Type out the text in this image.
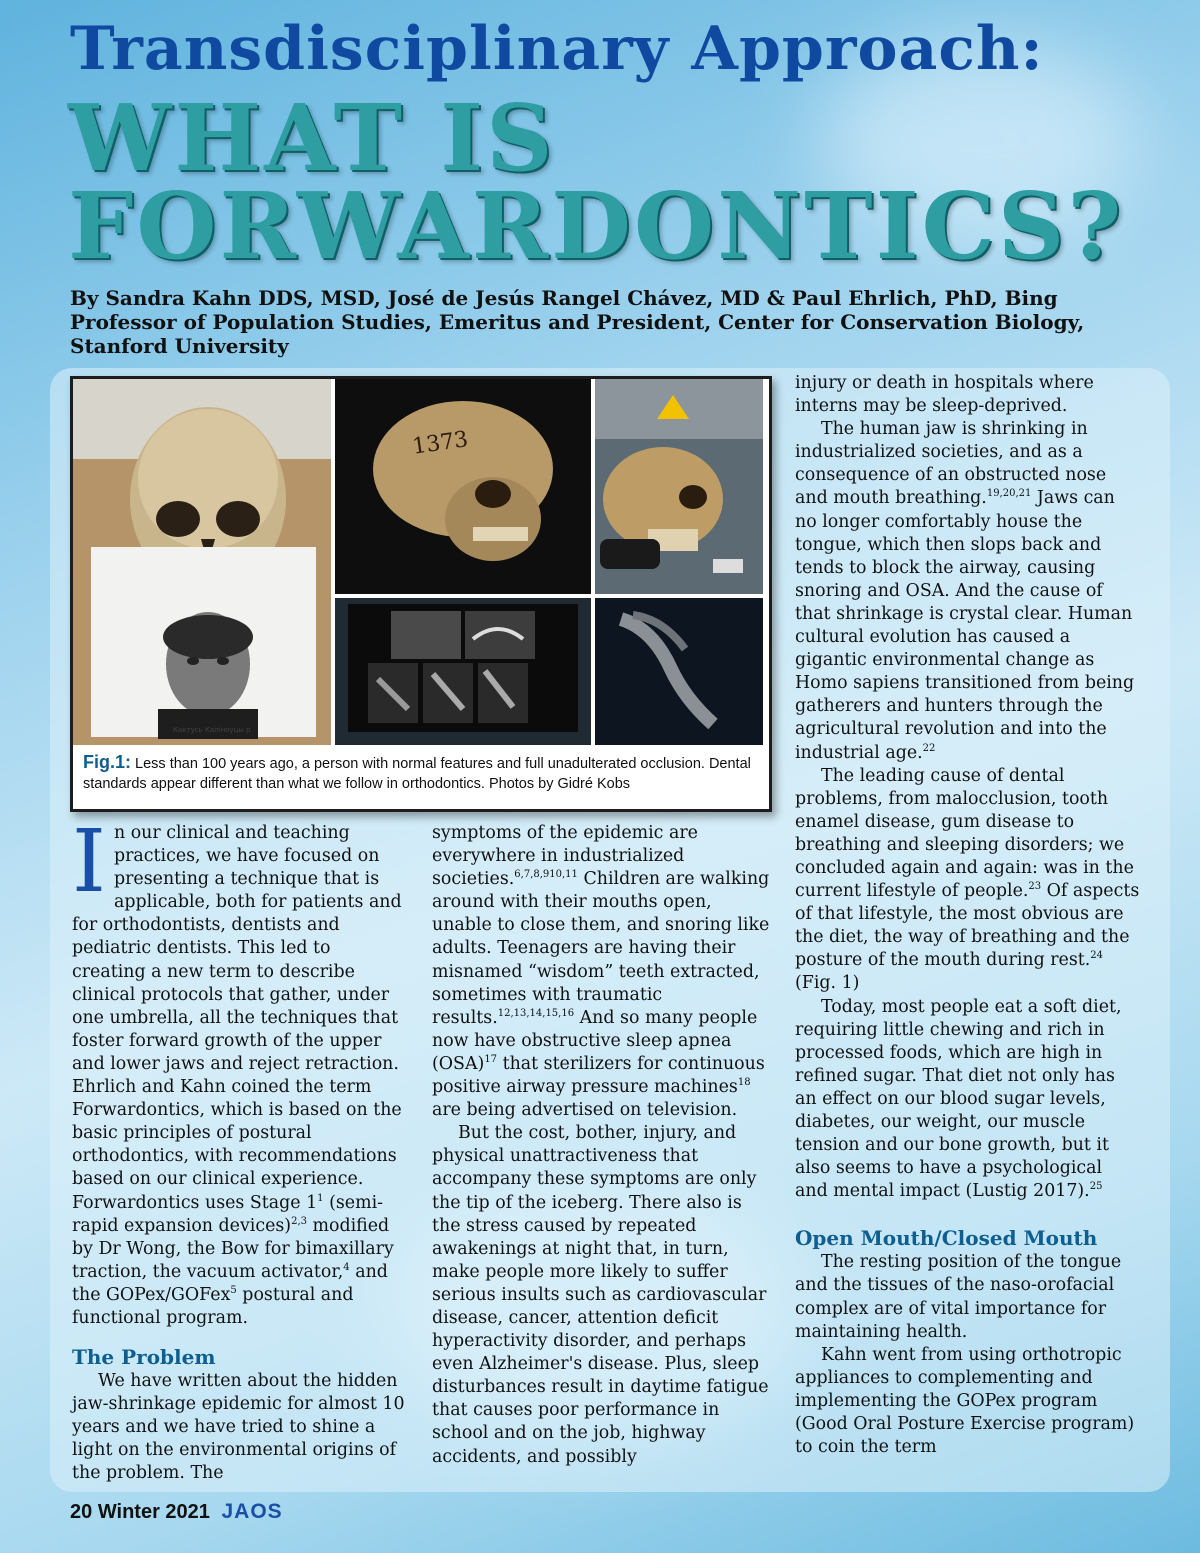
Transdisciplinary Approach:
WHAT IS
FORWARDONTICS?
By Sandra Kahn DDS, MSD, José de Jesús Rangel Chávez, MD & Paul Ehrlich, PhD, Bing Professor of Population Studies, Emeritus and President, Center for Conservation Biology, Stanford University
Кактусь Каліноуцы р
1373
Fig.1: Less than 100 years ago, a person with normal features and full unadulterated occlusion. Dental standards appear different than what we follow in orthodontics. Photos by Gidré Kobs

In our clinical and teaching practices, we have focused on presenting a technique that is applicable, both for patients and for orthodontists, dentists and pediatric dentists. This led to creating a new term to describe clinical protocols that gather, under one umbrella, all the techniques that foster forward growth of the upper and lower jaws and reject retraction. Ehrlich and Kahn coined the term Forwardontics, which is based on the basic principles of postural orthodontics, with recommendations based on our clinical experience. Forwardontics uses Stage $1^1$ (semi-rapid expansion devices)$^{2,3}$ modified by Dr Wong, the Bow for bimaxillary traction, the vacuum activator,$^4$ and the GOPex/GOFex$^5$ postural and functional program.

The Problem

We have written about the hidden jaw-shrinkage epidemic for almost 10 years and we have tried to shine a light on the environmental origins of the problem. The

symptoms of the epidemic are everywhere in industrialized societies.$^{6,7,8,910,11}$ Children are walking around with their mouths open, unable to close them, and snoring like adults. Teenagers are having their misnamed “wisdom” teeth extracted, sometimes with traumatic results.$^{12,13,14,15,16}$ And so many people now have obstructive sleep apnea (OSA)$^{17}$ that sterilizers for continuous positive airway pressure machines$^{18}$ are being advertised on television.

But the cost, bother, injury, and physical unattractiveness that accompany these symptoms are only the tip of the iceberg. There also is the stress caused by repeated awakenings at night that, in turn, make people more likely to suffer serious insults such as cardiovascular disease, cancer, attention deficit hyperactivity disorder, and perhaps even Alzheimer's disease. Plus, sleep disturbances result in daytime fatigue that causes poor performance in school and on the job, highway accidents, and possibly

injury or death in hospitals where interns may be sleep-deprived.

The human jaw is shrinking in industrialized societies, and as a consequence of an obstructed nose and mouth breathing.$^{19,20,21}$ Jaws can no longer comfortably house the tongue, which then slops back and tends to block the airway, causing snoring and OSA. And the cause of that shrinkage is crystal clear. Human cultural evolution has caused a gigantic environmental change as Homo sapiens transitioned from being gatherers and hunters through the agricultural revolution and into the industrial age.$^{22}$

The leading cause of dental problems, from malocclusion, tooth enamel disease, gum disease to breathing and sleeping disorders; we concluded again and again: was in the current lifestyle of people.$^{23}$ Of aspects of that lifestyle, the most obvious are the diet, the way of breathing and the posture of the mouth during rest.$^{24}$ (Fig. 1)

Today, most people eat a soft diet, requiring little chewing and rich in processed foods, which are high in refined sugar. That diet not only has an effect on our blood sugar levels, diabetes, our weight, our muscle tension and our bone growth, but it also seems to have a psychological and mental impact (Lustig 2017).$^{25}$

Open Mouth/Closed Mouth

The resting position of the tongue and the tissues of the naso-orofacial complex are of vital importance for maintaining health.

Kahn went from using orthotropic appliances to complementing and implementing the GOPex program (Good Oral Posture Exercise program) to coin the term

20 Winter 2021 JAOS
